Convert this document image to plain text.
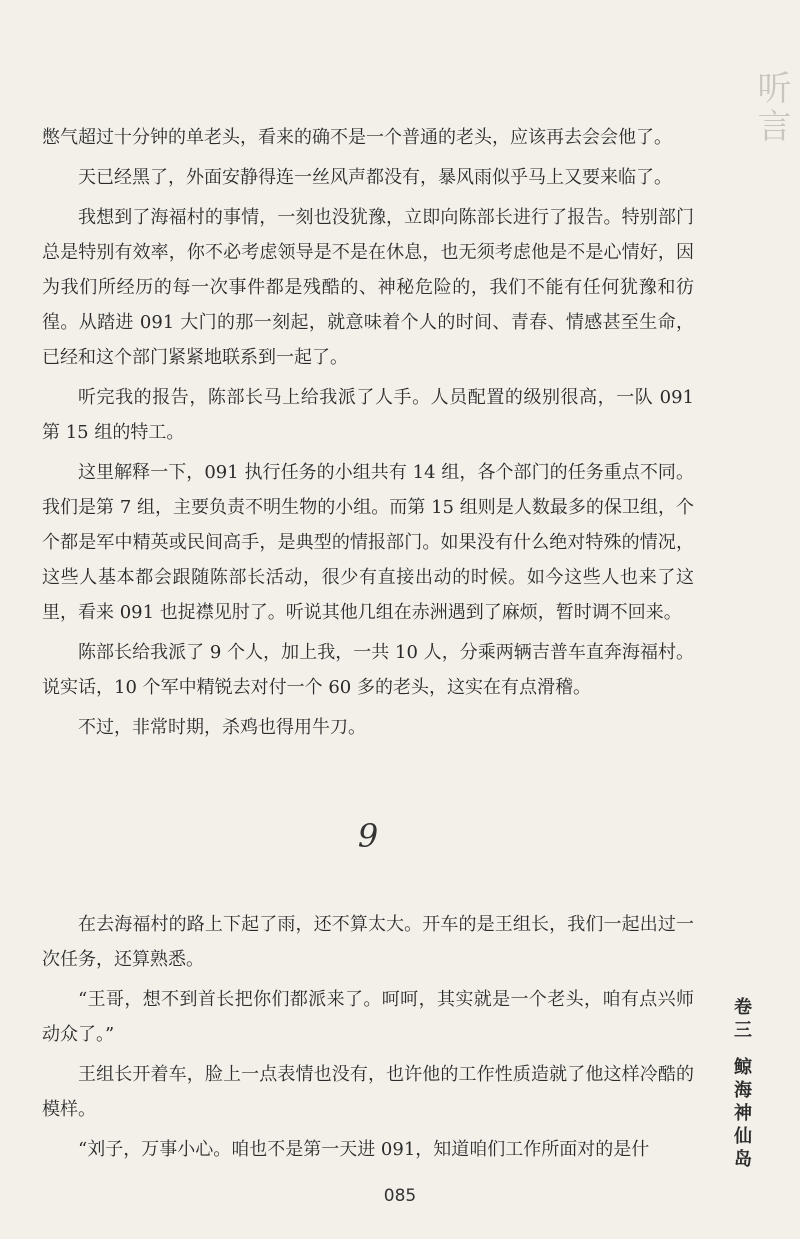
听言

憋气超过十分钟的单老头，看来的确不是一个普通的老头，应该再去会会他了。

天已经黑了，外面安静得连一丝风声都没有，暴风雨似乎马上又要来临了。

我想到了海福村的事情，一刻也没犹豫，立即向陈部长进行了报告。特别部门总是特别有效率，你不必考虑领导是不是在休息，也无须考虑他是不是心情好，因为我们所经历的每一次事件都是残酷的、神秘危险的，我们不能有任何犹豫和彷徨。从踏进 091 大门的那一刻起，就意味着个人的时间、青春、情感甚至生命，已经和这个部门紧紧地联系到一起了。

听完我的报告，陈部长马上给我派了人手。人员配置的级别很高，一队 091 第 15 组的特工。

这里解释一下，091 执行任务的小组共有 14 组，各个部门的任务重点不同。我们是第 7 组，主要负责不明生物的小组。而第 15 组则是人数最多的保卫组，个个都是军中精英或民间高手，是典型的情报部门。如果没有什么绝对特殊的情况，这些人基本都会跟随陈部长活动，很少有直接出动的时候。如今这些人也来了这里，看来 091 也捉襟见肘了。听说其他几组在赤洲遇到了麻烦，暂时调不回来。

陈部长给我派了 9 个人，加上我，一共 10 人，分乘两辆吉普车直奔海福村。说实话，10 个军中精锐去对付一个 60 多的老头，这实在有点滑稽。

不过，非常时期，杀鸡也得用牛刀。

9

在去海福村的路上下起了雨，还不算太大。开车的是王组长，我们一起出过一次任务，还算熟悉。

“王哥，想不到首长把你们都派来了。呵呵，其实就是一个老头，咱有点兴师动众了。”

王组长开着车，脸上一点表情也没有，也许他的工作性质造就了他这样冷酷的模样。

“刘子，万事小心。咱也不是第一天进 091，知道咱们工作所面对的是什

卷三鲸海神仙岛
085
